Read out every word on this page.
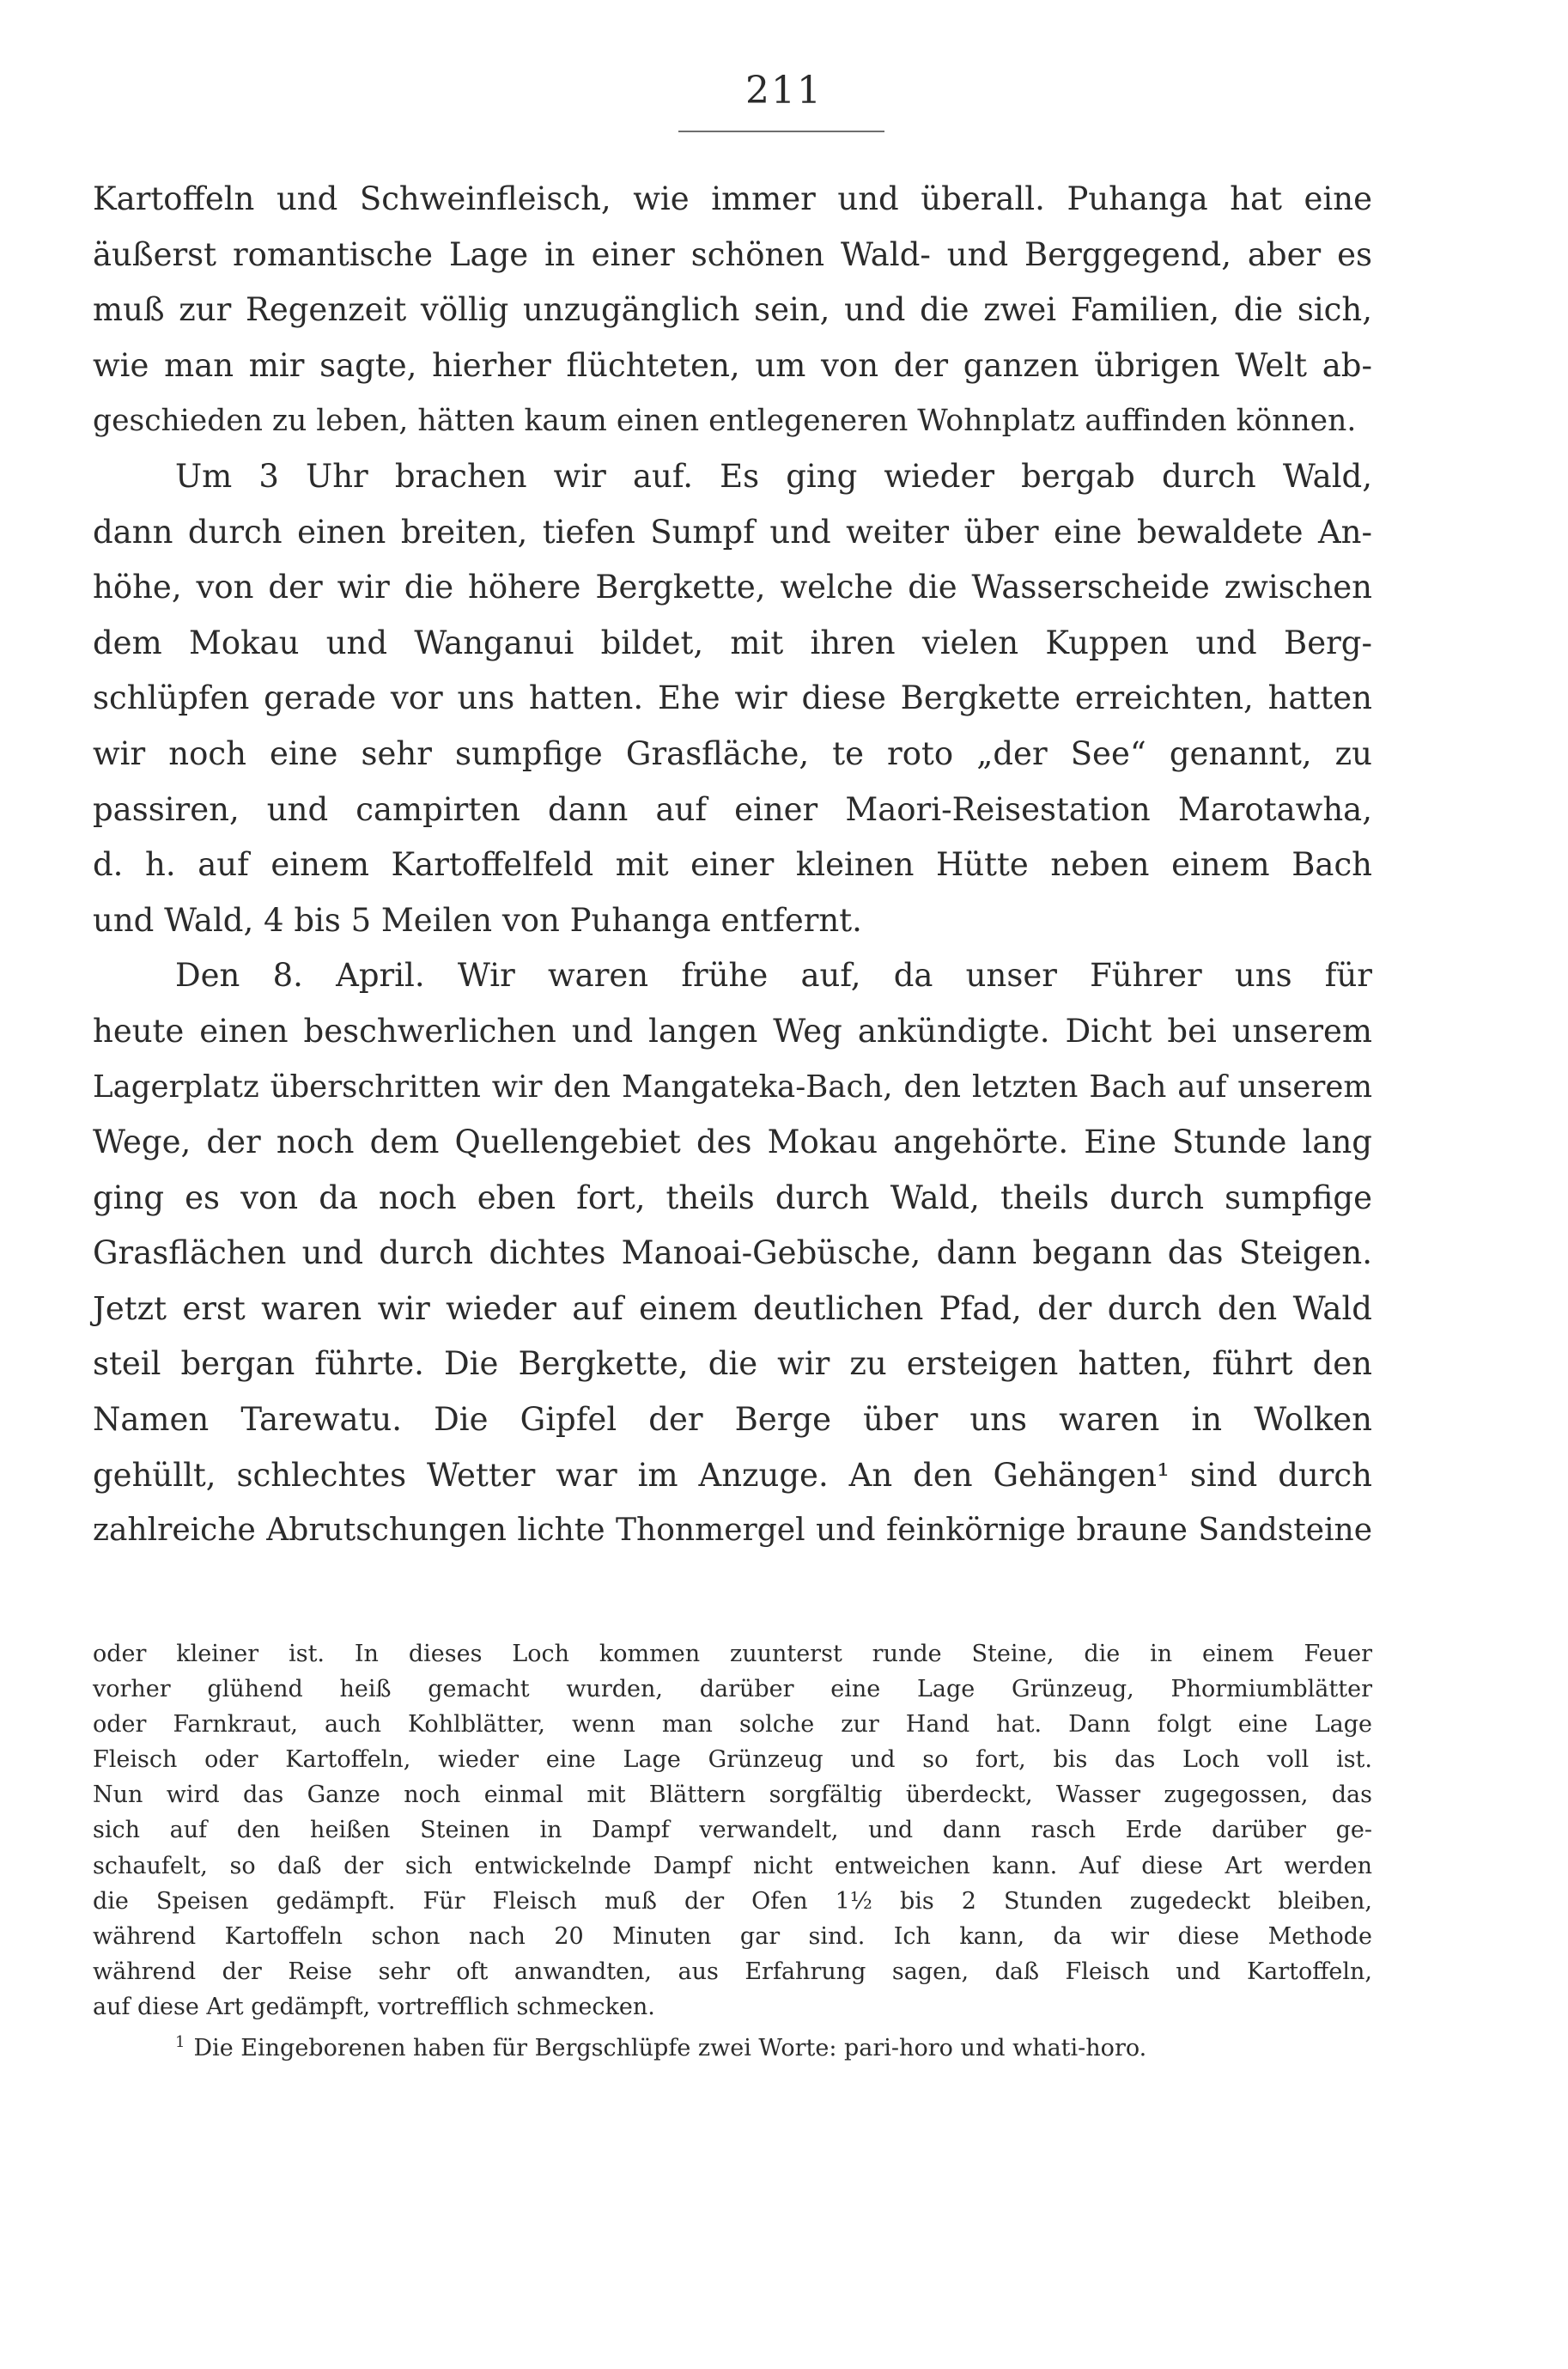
211
Kartoffeln und Schweinfleisch, wie immer und überall. Puhanga hat eine
äußerst romantische Lage in einer schönen Wald- und Berggegend, aber es
muß zur Regenzeit völlig unzugänglich sein, und die zwei Familien, die sich,
wie man mir sagte, hierher flüchteten, um von der ganzen übrigen Welt ab-
geschieden zu leben, hätten kaum einen entlegeneren Wohnplatz auffinden können.
Um 3 Uhr brachen wir auf. Es ging wieder bergab durch Wald,
dann durch einen breiten, tiefen Sumpf und weiter über eine bewaldete An-
höhe, von der wir die höhere Bergkette, welche die Wasserscheide zwischen
dem Mokau und Wanganui bildet, mit ihren vielen Kuppen und Berg-
schlüpfen gerade vor uns hatten. Ehe wir diese Bergkette erreichten, hatten
wir noch eine sehr sumpfige Grasfläche, te roto „der See“ genannt, zu
passiren, und campirten dann auf einer Maori-Reisestation Marotawha,
d. h. auf einem Kartoffelfeld mit einer kleinen Hütte neben einem Bach
und Wald, 4 bis 5 Meilen von Puhanga entfernt.
Den 8. April. Wir waren frühe auf, da unser Führer uns für
heute einen beschwerlichen und langen Weg ankündigte. Dicht bei unserem
Lagerplatz überschritten wir den Mangateka-Bach, den letzten Bach auf unserem
Wege, der noch dem Quellengebiet des Mokau angehörte. Eine Stunde lang
ging es von da noch eben fort, theils durch Wald, theils durch sumpfige
Grasflächen und durch dichtes Manoai-Gebüsche, dann begann das Steigen.
Jetzt erst waren wir wieder auf einem deutlichen Pfad, der durch den Wald
steil bergan führte. Die Bergkette, die wir zu ersteigen hatten, führt den
Namen Tarewatu. Die Gipfel der Berge über uns waren in Wolken
gehüllt, schlechtes Wetter war im Anzuge. An den Gehängen¹ sind durch
zahlreiche Abrutschungen lichte Thonmergel und feinkörnige braune Sandsteine
oder kleiner ist. In dieses Loch kommen zuunterst runde Steine, die in einem Feuer
vorher glühend heiß gemacht wurden, darüber eine Lage Grünzeug, Phormiumblätter
oder Farnkraut, auch Kohlblätter, wenn man solche zur Hand hat. Dann folgt eine Lage
Fleisch oder Kartoffeln, wieder eine Lage Grünzeug und so fort, bis das Loch voll ist.
Nun wird das Ganze noch einmal mit Blättern sorgfältig überdeckt, Wasser zugegossen, das
sich auf den heißen Steinen in Dampf verwandelt, und dann rasch Erde darüber ge-
schaufelt, so daß der sich entwickelnde Dampf nicht entweichen kann. Auf diese Art werden
die Speisen gedämpft. Für Fleisch muß der Ofen 1½ bis 2 Stunden zugedeckt bleiben,
während Kartoffeln schon nach 20 Minuten gar sind. Ich kann, da wir diese Methode
während der Reise sehr oft anwandten, aus Erfahrung sagen, daß Fleisch und Kartoffeln,
auf diese Art gedämpft, vortrefflich schmecken.
$^1$ Die Eingeborenen haben für Bergschlüpfe zwei Worte: pari-horo und whati-horo.
